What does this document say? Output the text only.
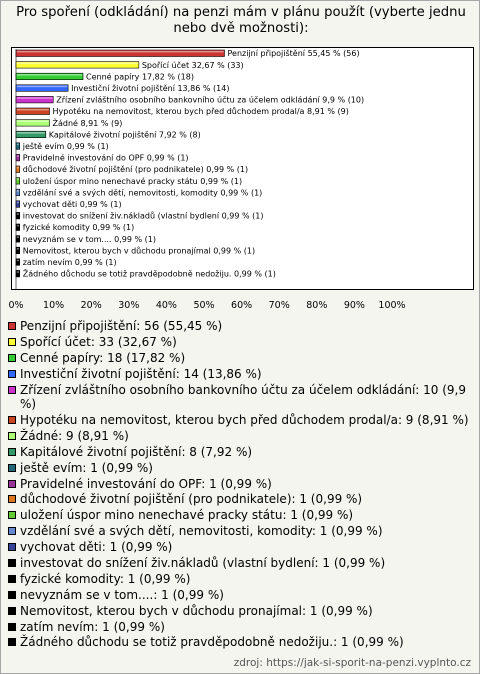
Pro spoření (odkládání) na penzi mám v plánu použít (vyberte jednu nebo dvě možnosti):
Penzijní připojištění 55,45 % (56)
Spořící účet 32,67 % (33)
Cenné papíry 17,82 % (18)
Investiční životní pojištění 13,86 % (14)
Zřízení zvláštního osobního bankovního účtu za účelem odkládání 9,9 % (10)
Hypotéku na nemovitost, kterou bych před důchodem prodal/a 8,91 % (9)
Žádné 8,91 % (9)
Kapitálové životní pojištění 7,92 % (8)
ještě evím 0,99 % (1)
Pravidelné investování do OPF 0,99 % (1)
důchodové životní pojištění (pro podnikatele) 0,99 % (1)
uložení úspor mino nenechavé pracky státu 0,99 % (1)
vzdělání své a svých dětí, nemovitosti, komodity 0,99 % (1)
vychovat děti 0,99 % (1)
investovat do snížení živ.nákladů (vlastní bydlení 0,99 % (1)
fyzické komodity 0,99 % (1)
nevyznám se v tom.... 0,99 % (1)
Nemovitost, kterou bych v důchodu pronajímal 0,99 % (1)
zatím nevím 0,99 % (1)
Žádného důchodu se totiž pravděpodobně nedožiju. 0,99 % (1)
0% 10% 20% 30% 40% 50% 60% 70% 80% 90% 100%
Penzijní připojištění: 56 (55,45 %)
Spořící účet: 33 (32,67 %)
Cenné papíry: 18 (17,82 %)
Investiční životní pojištění: 14 (13,86 %)
Zřízení zvláštního osobního bankovního účtu za účelem odkládání: 10 (9,9 %)
Hypotéku na nemovitost, kterou bych před důchodem prodal/a: 9 (8,91 %)
Žádné: 9 (8,91 %)
Kapitálové životní pojištění: 8 (7,92 %)
ještě evím: 1 (0,99 %)
Pravidelné investování do OPF: 1 (0,99 %)
důchodové životní pojištění (pro podnikatele): 1 (0,99 %)
uložení úspor mino nenechavé pracky státu: 1 (0,99 %)
vzdělání své a svých dětí, nemovitosti, komodity: 1 (0,99 %)
vychovat děti: 1 (0,99 %)
investovat do snížení živ.nákladů (vlastní bydlení: 1 (0,99 %)
fyzické komodity: 1 (0,99 %)
nevyznám se v tom....: 1 (0,99 %)
Nemovitost, kterou bych v důchodu pronajímal: 1 (0,99 %)
zatím nevím: 1 (0,99 %)
Žádného důchodu se totiž pravděpodobně nedožiju.: 1 (0,99 %)
zdroj: https://jak-si-sporit-na-penzi.vyplnto.cz
